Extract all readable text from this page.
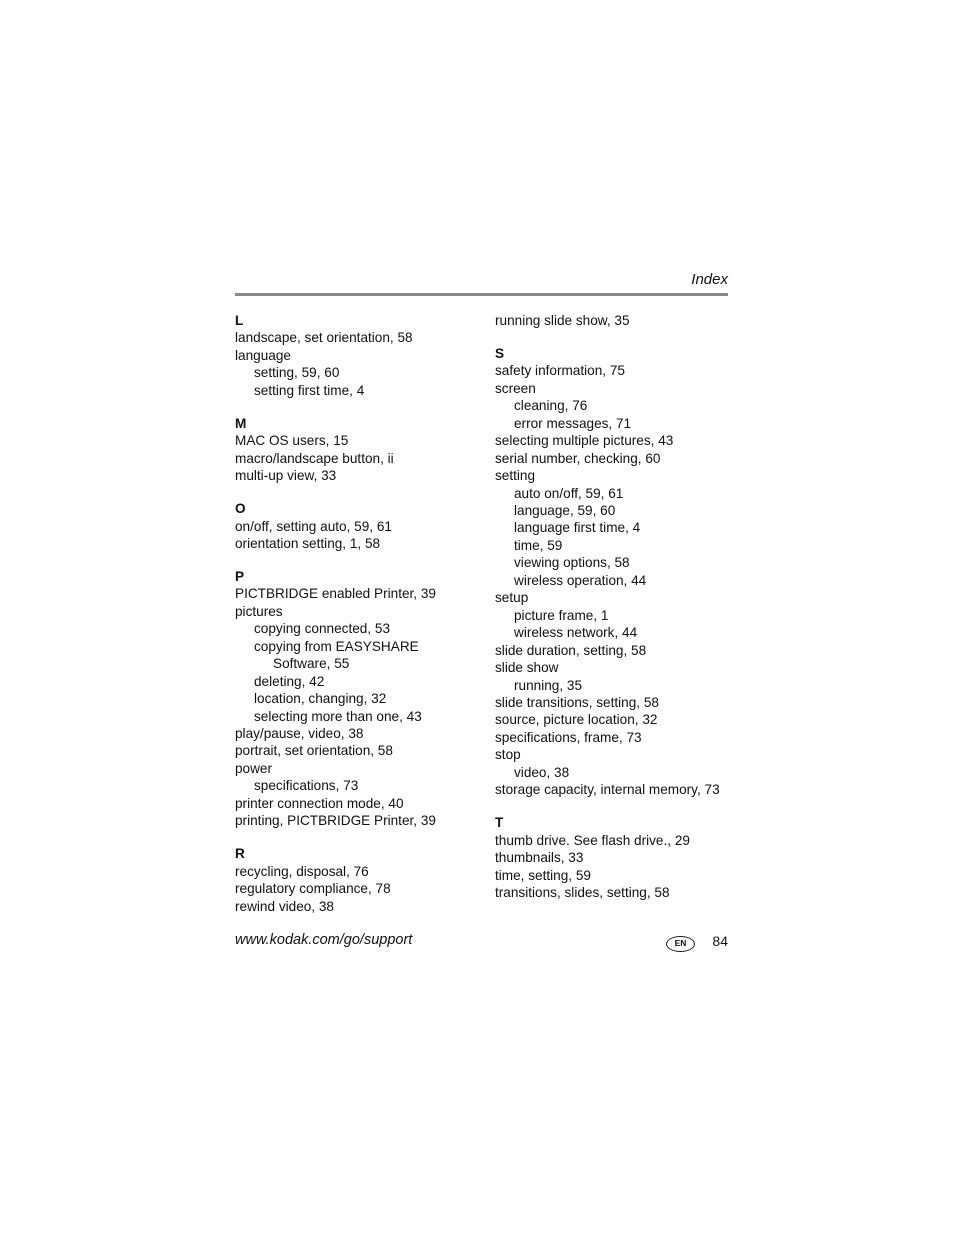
Index
L
landscape, set orientation, 58
language
setting, 59, 60
setting first time, 4
M
MAC OS users, 15
macro/landscape button, ii
multi-up view, 33
O
on/off, setting auto, 59, 61
orientation setting, 1, 58
P
PICTBRIDGE enabled Printer, 39
pictures
copying connected, 53
copying from EASYSHARE
Software, 55
deleting, 42
location, changing, 32
selecting more than one, 43
play/pause, video, 38
portrait, set orientation, 58
power
specifications, 73
printer connection mode, 40
printing, PICTBRIDGE Printer, 39
R
recycling, disposal, 76
regulatory compliance, 78
rewind video, 38
running slide show, 35
S
safety information, 75
screen
cleaning, 76
error messages, 71
selecting multiple pictures, 43
serial number, checking, 60
setting
auto on/off, 59, 61
language, 59, 60
language first time, 4
time, 59
viewing options, 58
wireless operation, 44
setup
picture frame, 1
wireless network, 44
slide duration, setting, 58
slide show
running, 35
slide transitions, setting, 58
source, picture location, 32
specifications, frame, 73
stop
video, 38
storage capacity, internal memory, 73
T
thumb drive. See flash drive., 29
thumbnails, 33
time, setting, 59
transitions, slides, setting, 58
www.kodak.com/go/support	EN	84
